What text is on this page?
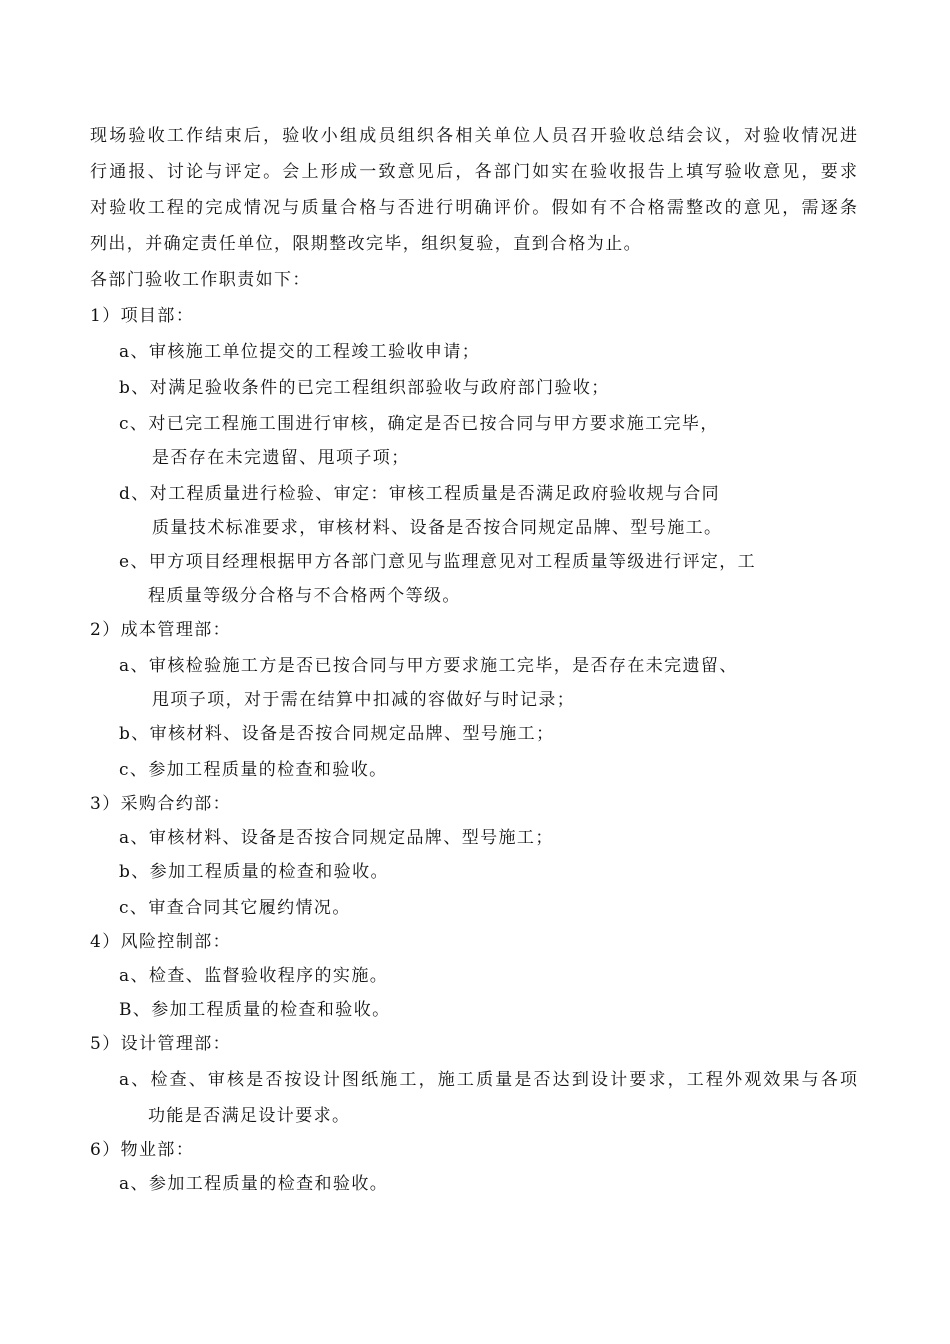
现场验收工作结束后，验收小组成员组织各相关单位人员召开验收总结会议，对验收情况进
行通报、讨论与评定。会上形成一致意见后，各部门如实在验收报告上填写验收意见，要求
对验收工程的完成情况与质量合格与否进行明确评价。假如有不合格需整改的意见，需逐条
列出，并确定责任单位，限期整改完毕，组织复验，直到合格为止。
各部门验收工作职责如下：
1）项目部：
a、审核施工单位提交的工程竣工验收申请；
b、对满足验收条件的已完工程组织部验收与政府部门验收；
c、对已完工程施工围进行审核，确定是否已按合同与甲方要求施工完毕，
是否存在未完遗留、甩项子项；
d、对工程质量进行检验、审定：审核工程质量是否满足政府验收规与合同
质量技术标准要求，审核材料、设备是否按合同规定品牌、型号施工。
e、甲方项目经理根据甲方各部门意见与监理意见对工程质量等级进行评定，工
程质量等级分合格与不合格两个等级。
2）成本管理部：
a、审核检验施工方是否已按合同与甲方要求施工完毕，是否存在未完遗留、
甩项子项，对于需在结算中扣减的容做好与时记录；
b、审核材料、设备是否按合同规定品牌、型号施工；
c、参加工程质量的检查和验收。
3）采购合约部：
a、审核材料、设备是否按合同规定品牌、型号施工；
b、参加工程质量的检查和验收。
c、审查合同其它履约情况。
4）风险控制部：
a、检查、监督验收程序的实施。
B、参加工程质量的检查和验收。
5）设计管理部：
a、检查、审核是否按设计图纸施工，施工质量是否达到设计要求，工程外观效果与各项
功能是否满足设计要求。
6）物业部：
a、参加工程质量的检查和验收。
